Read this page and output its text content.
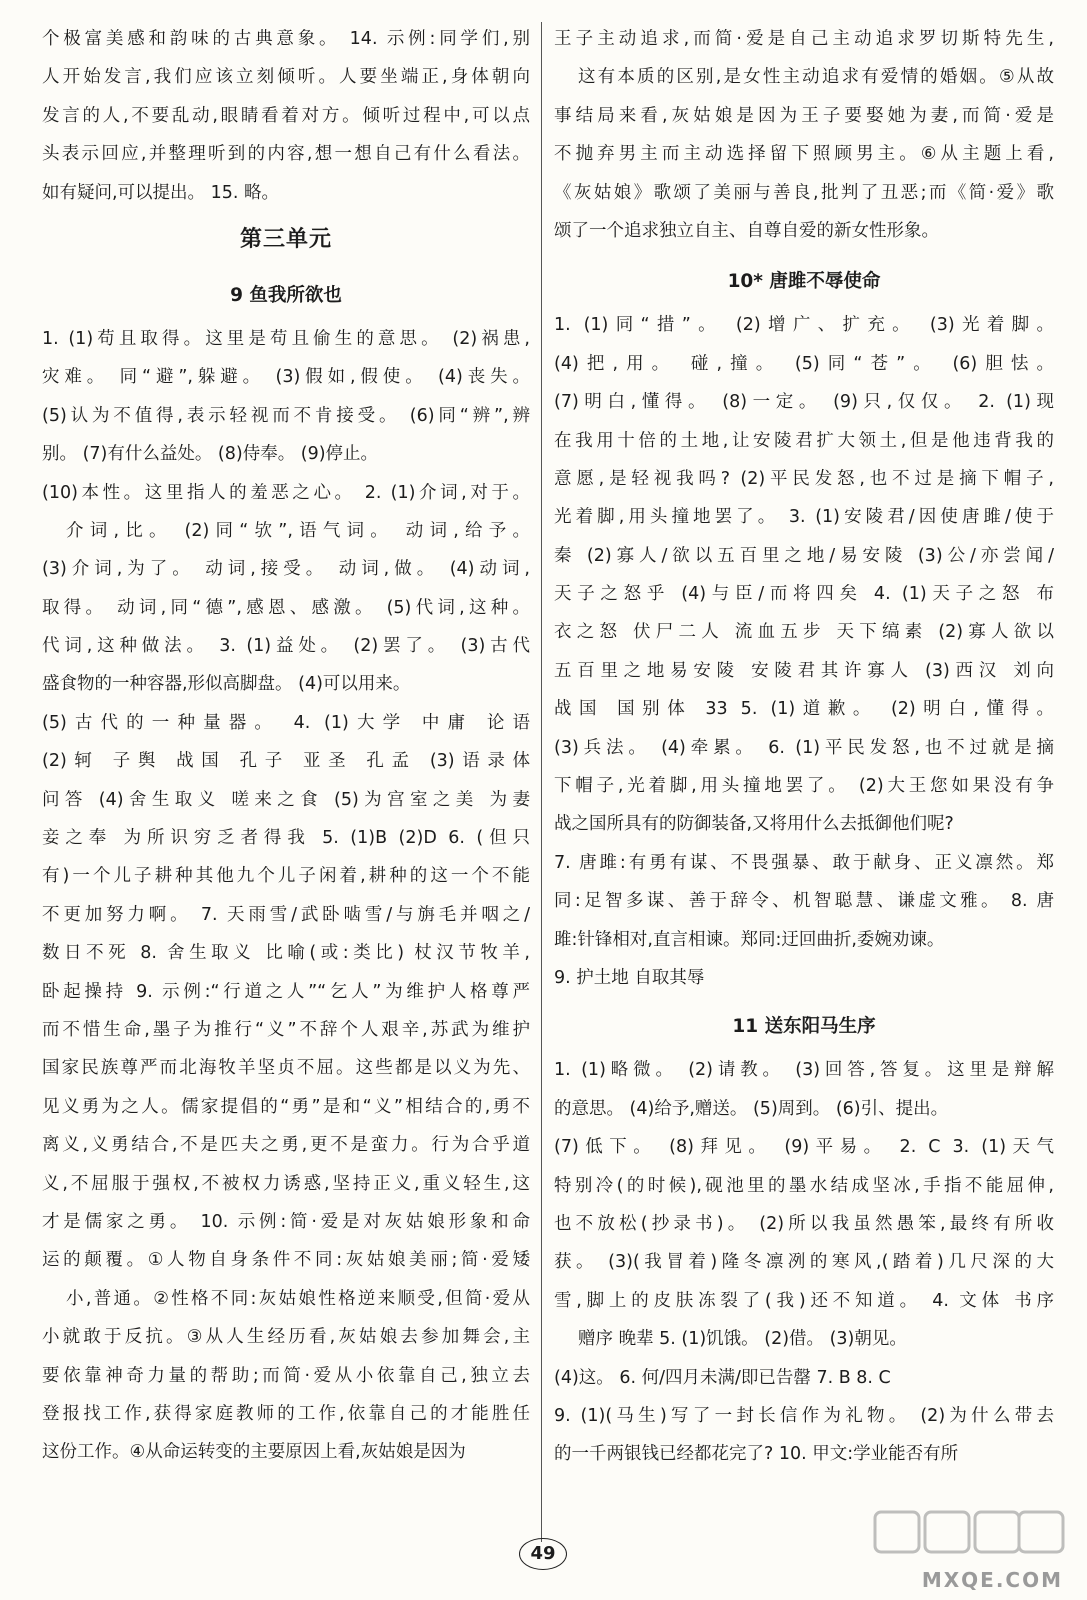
个极富美感和韵味的古典意象。 14. 示例:同学们,别

人开始发言,我们应该立刻倾听。人要坐端正,身体朝向

发言的人,不要乱动,眼睛看着对方。倾听过程中,可以点

头表示回应,并整理听到的内容,想一想自己有什么看法。

如有疑问,可以提出。 15. 略。

第三单元
9 鱼我所欲也

1. (1)苟且取得。这里是苟且偷生的意思。 (2)祸患,

灾难。 同“避”,躲避。 (3)假如,假使。 (4)丧失。

(5)认为不值得,表示轻视而不肯接受。 (6)同“辨”,辨

别。 (7)有什么益处。 (8)侍奉。 (9)停止。

(10)本性。这里指人的羞恶之心。 2. (1)介词,对于。

介词,比。 (2)同“欤”,语气词。 动词,给予。

(3)介词,为了。 动词,接受。 动词,做。 (4)动词,

取得。 动词,同“德”,感恩、感激。 (5)代词,这种。

代词,这种做法。 3. (1)益处。 (2)罢了。 (3)古代

盛食物的一种容器,形似高脚盘。 (4)可以用来。

(5)古代的一种量器。 4. (1)大学 中庸 论语

(2)轲 子舆 战国 孔子 亚圣 孔孟 (3)语录体

问答 (4)舍生取义 嗟来之食 (5)为宫室之美 为妻

妾之奉 为所识穷乏者得我 5. (1)B (2)D 6. (但只

有)一个儿子耕种其他九个儿子闲着,耕种的这一个不能

不更加努力啊。 7. 天雨雪/武卧啮雪/与旃毛并咽之/

数日不死 8. 舍生取义 比喻(或:类比) 杖汉节牧羊,

卧起操持 9. 示例:“行道之人”“乞人”为维护人格尊严

而不惜生命,墨子为推行“义”不辞个人艰辛,苏武为维护

国家民族尊严而北海牧羊坚贞不屈。这些都是以义为先、

见义勇为之人。儒家提倡的“勇”是和“义”相结合的,勇不

离义,义勇结合,不是匹夫之勇,更不是蛮力。行为合乎道

义,不屈服于强权,不被权力诱惑,坚持正义,重义轻生,这

才是儒家之勇。 10. 示例:简·爱是对灰姑娘形象和命

运的颠覆。①人物自身条件不同:灰姑娘美丽;简·爱矮

小,普通。②性格不同:灰姑娘性格逆来顺受,但简·爱从

小就敢于反抗。③从人生经历看,灰姑娘去参加舞会,主

要依靠神奇力量的帮助;而简·爱从小依靠自己,独立去

登报找工作,获得家庭教师的工作,依靠自己的才能胜任

这份工作。④从命运转变的主要原因上看,灰姑娘是因为

王子主动追求,而简·爱是自己主动追求罗切斯特先生,

这有本质的区别,是女性主动追求有爱情的婚姻。⑤从故

事结局来看,灰姑娘是因为王子要娶她为妻,而简·爱是

不抛弃男主而主动选择留下照顾男主。⑥从主题上看,

《灰姑娘》歌颂了美丽与善良,批判了丑恶;而《简·爱》歌

颂了一个追求独立自主、自尊自爱的新女性形象。

10* 唐雎不辱使命

1. (1)同“措”。 (2)增广、扩充。 (3)光着脚。

(4)把,用。 碰,撞。 (5)同“苍”。 (6)胆怯。

(7)明白,懂得。 (8)一定。 (9)只,仅仅。 2. (1)现

在我用十倍的土地,让安陵君扩大领土,但是他违背我的

意愿,是轻视我吗? (2)平民发怒,也不过是摘下帽子,

光着脚,用头撞地罢了。 3. (1)安陵君/因使唐雎/使于

秦 (2)寡人/欲以五百里之地/易安陵 (3)公/亦尝闻/

天子之怒乎 (4)与臣/而将四矣 4. (1)天子之怒 布

衣之怒 伏尸二人 流血五步 天下缟素 (2)寡人欲以

五百里之地易安陵 安陵君其许寡人 (3)西汉 刘向

战国 国别体 33 5. (1)道歉。 (2)明白,懂得。

(3)兵法。 (4)牵累。 6. (1)平民发怒,也不过就是摘

下帽子,光着脚,用头撞地罢了。 (2)大王您如果没有争

战之国所具有的防御装备,又将用什么去抵御他们呢?

7. 唐雎:有勇有谋、不畏强暴、敢于献身、正义凛然。郑

同:足智多谋、善于辞令、机智聪慧、谦虚文雅。 8. 唐

雎:针锋相对,直言相谏。郑同:迂回曲折,委婉劝谏。

9. 护土地 自取其辱

11 送东阳马生序

1. (1)略微。 (2)请教。 (3)回答,答复。这里是辩解

的意思。 (4)给予,赠送。 (5)周到。 (6)引、提出。

(7)低下。 (8)拜见。 (9)平易。 2. C 3. (1)天气

特别冷(的时候),砚池里的墨水结成坚冰,手指不能屈伸,

也不放松(抄录书)。 (2)所以我虽然愚笨,最终有所收

获。 (3)(我冒着)隆冬凛冽的寒风,(踏着)几尺深的大

雪,脚上的皮肤冻裂了(我)还不知道。 4. 文体 书序

赠序 晚辈 5. (1)饥饿。 (2)借。 (3)朝见。

(4)这。 6. 何/四月未满/即已告罄 7. B 8. C

9. (1)(马生)写了一封长信作为礼物。 (2)为什么带去

的一千两银钱已经都花完了? 10. 甲文:学业能否有所

49
MXQE.COM
